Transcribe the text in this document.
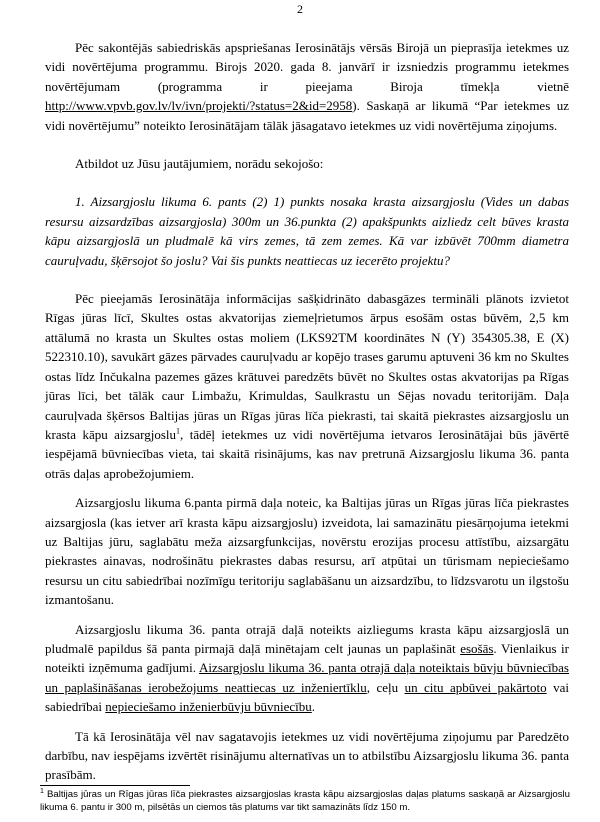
2

Pēc sakontējās sabiedriskās apspriešanas Ierosinātājs vērsās Birojā un pieprasīja ietekmes uz vidi novērtējuma programmu. Birojs 2020. gada 8. janvārī ir izsniedzis programmu ietekmes novērtējumam (programma ir pieejama Biroja tīmekļa vietnē http://www.vpvb.gov.lv/lv/ivn/projekti/?status=2&id=2958). Saskaņā ar likumā “Par ietekmes uz vidi novērtējumu” noteikto Ierosinātājam tālāk jāsagatavo ietekmes uz vidi novērtējuma ziņojums.

Atbildot uz Jūsu jautājumiem, norādu sekojošo:

1. Aizsargjoslu likuma 6. pants (2) 1) punkts nosaka krasta aizsargjoslu (Vides un dabas resursu aizsardzības aizsargjosla) 300m un 36.punkta (2) apakšpunkts aizliedz celt būves krasta kāpu aizsargjoslā un pludmalē kā virs zemes, tā zem zemes. Kā var izbūvēt 700mm diametra cauruļvadu, šķērsojot šo joslu? Vai šis punkts neattiecas uz iecerēto projektu?

Pēc pieejamās Ierosinātāja informācijas sašķidrināto dabasgāzes termināli plānots izvietot Rīgas jūras līcī, Skultes ostas akvatorijas ziemeļrietumos ārpus esošām ostas būvēm, 2,5 km attālumā no krasta un Skultes ostas moliem (LKS92TM koordinātes N (Y) 354305.38, E (X) 522310.10), savukārt gāzes pārvades cauruļvadu ar kopējo trases garumu aptuveni 36 km no Skultes ostas līdz Inčukalna pazemes gāzes krātuvei paredzēts būvēt no Skultes ostas akvatorijas pa Rīgas jūras līci, bet tālāk caur Limbažu, Krimuldas, Saulkrastu un Sējas novadu teritorijām. Daļa cauruļvada šķērsos Baltijas jūras un Rīgas jūras līča piekrasti, tai skaitā piekrastes aizsargjoslu un krasta kāpu aizsargjoslu$^1$, tādēļ ietekmes uz vidi novērtējuma ietvaros Ierosinātājai būs jāvērtē iespējamā būvniecības vieta, tai skaitā risinājums, kas nav pretrunā Aizsargjoslu likuma 36. panta otrās daļas aprobežojumiem.

Aizsargjoslu likuma 6.panta pirmā daļa noteic, ka Baltijas jūras un Rīgas jūras līča piekrastes aizsargjosla (kas ietver arī krasta kāpu aizsargjoslu) izveidota, lai samazinātu piesārņojuma ietekmi uz Baltijas jūru, saglabātu meža aizsargfunkcijas, novērstu erozijas procesu attīstību, aizsargātu piekrastes ainavas, nodrošinātu piekrastes dabas resursu, arī atpūtai un tūrismam nepieciešamo resursu un citu sabiedrībai nozīmīgu teritoriju saglabāšanu un aizsardzību, to līdzsvarotu un ilgstošu izmantošanu.

Aizsargjoslu likuma 36. panta otrajā daļā noteikts aizliegums krasta kāpu aizsargjoslā un pludmalē papildus šā panta pirmajā daļā minētajam celt jaunas un paplašināt esošās. Vienlaikus ir noteikti izņēmuma gadījumi. Aizsargjoslu likuma 36. panta otrajā daļa noteiktais būvju būvniecības un paplašināšanas ierobežojums neattiecas uz inženiertīklu, ceļu un citu apbūvei pakārtoto vai sabiedrībai nepieciešamo inženierbūvju būvniecību.

Tā kā Ierosinātāja vēl nav sagatavojis ietekmes uz vidi novērtējuma ziņojumu par Paredzēto darbību, nav iespējams izvērtēt risinājumu alternatīvas un to atbilstību Aizsargjoslu likuma 36. panta prasībām.

$^1$ Baltijas jūras un Rīgas jūras līča piekrastes aizsargjoslas krasta kāpu aizsargjoslas daļas platums saskaņā ar Aizsargjoslu likuma 6. pantu ir 300 m, pilsētās un ciemos tās platums var tikt samazināts līdz 150 m.
